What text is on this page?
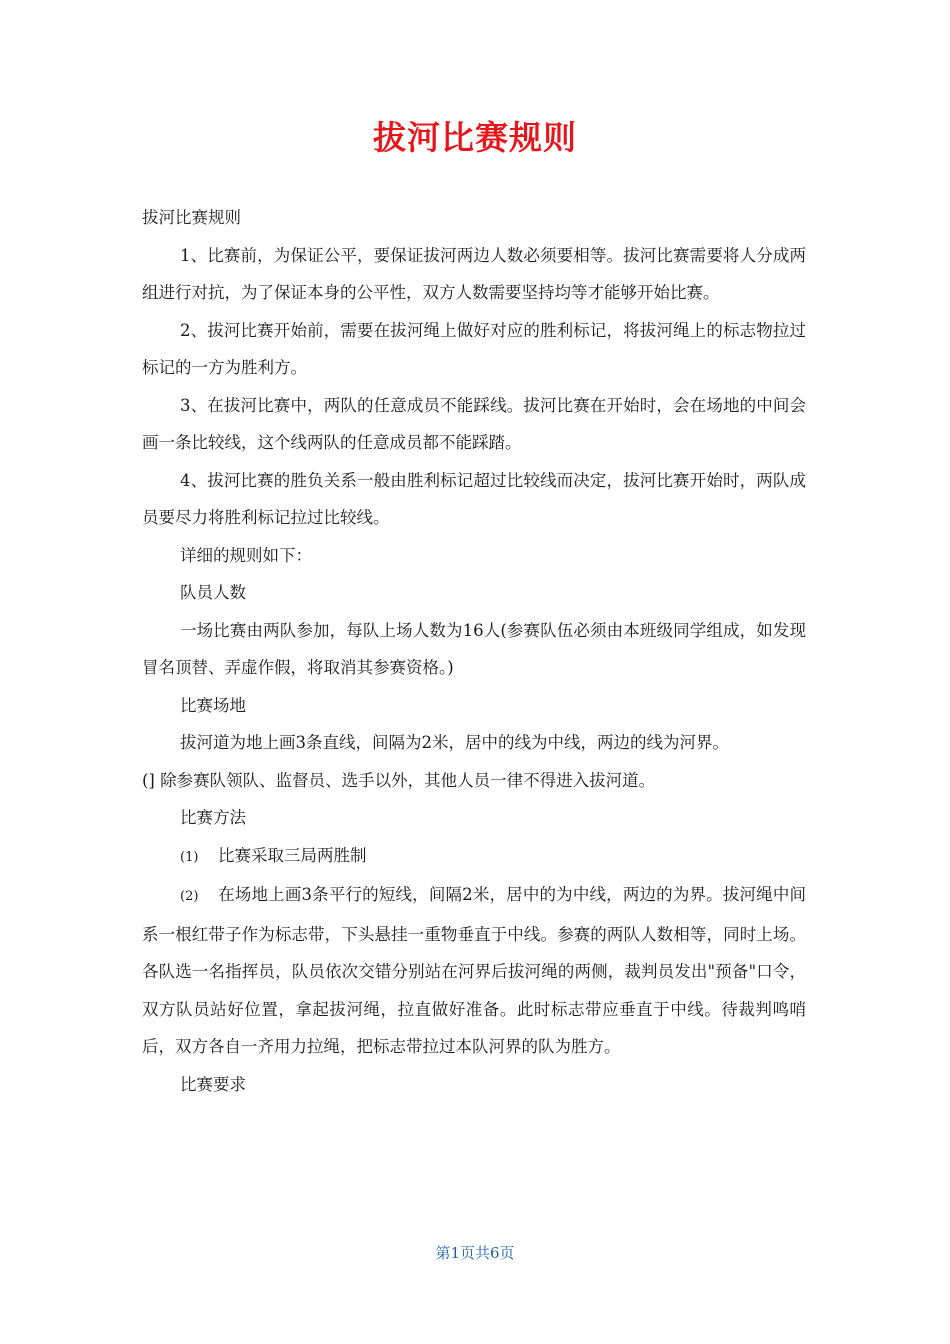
拔河比赛规则

拔河比赛规则

1、比赛前，为保证公平，要保证拔河两边人数必须要相等。拔河比赛需要将人分成两组进行对抗，为了保证本身的公平性，双方人数需要坚持均等才能够开始比赛。

2、拔河比赛开始前，需要在拔河绳上做好对应的胜利标记，将拔河绳上的标志物拉过标记的一方为胜利方。

3、在拔河比赛中，两队的任意成员不能踩线。拔河比赛在开始时，会在场地的中间会画一条比较线，这个线两队的任意成员都不能踩踏。

4、拔河比赛的胜负关系一般由胜利标记超过比较线而决定，拔河比赛开始时，两队成员要尽力将胜利标记拉过比较线。

详细的规则如下：

队员人数

一场比赛由两队参加，每队上场人数为16人(参赛队伍必须由本班级同学组成，如发现冒名顶替、弄虚作假，将取消其参赛资格。)

比赛场地

拔河道为地上画3条直线，间隔为2米，居中的线为中线，两边的线为河界。

(] 除参赛队领队、监督员、选手以外，其他人员一律不得进入拔河道。

比赛方法

(1) 比赛采取三局两胜制

(2) 在场地上画3条平行的短线，间隔2米，居中的为中线，两边的为界。拔河绳中间系一根红带子作为标志带，下头悬挂一重物垂直于中线。参赛的两队人数相等，同时上场。各队选一名指挥员，队员依次交错分别站在河界后拔河绳的两侧，裁判员发出"预备"口令，双方队员站好位置，拿起拔河绳，拉直做好准备。此时标志带应垂直于中线。待裁判鸣哨后，双方各自一齐用力拉绳，把标志带拉过本队河界的队为胜方。

比赛要求

第1页共6页
